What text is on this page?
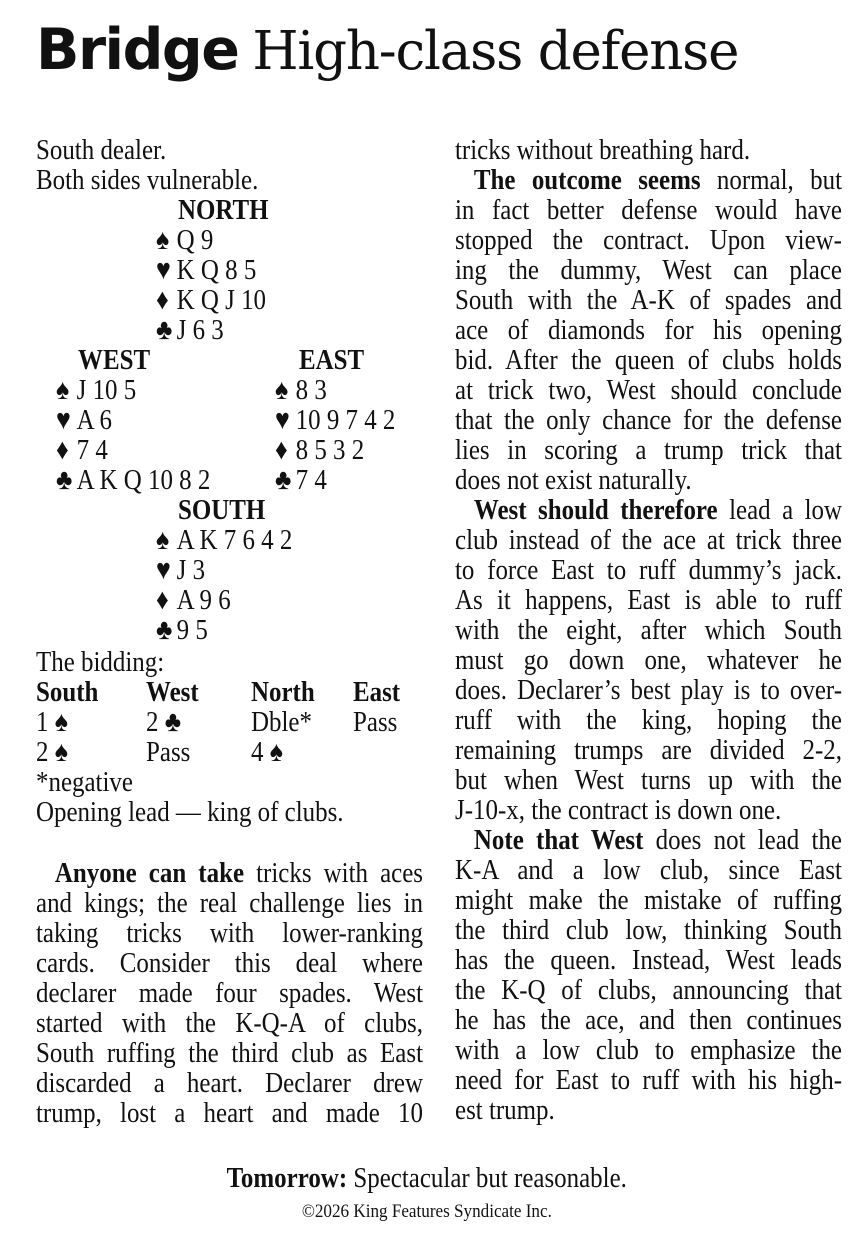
Bridge High-class defense
South dealer.
Both sides vulnerable.
NORTH
♠ Q 9
♥ K Q 8 5
♦ K Q J 10
♣ J 6 3
WEST	EAST
♠ J 10 5
♥ A 6
♦ 7 4
♣ A K Q 10 8 2
♠ 8 3
♥ 10 9 7 4 2
♦ 8 5 3 2
♣ 7 4
SOUTH
♠ A K 7 6 4 2
♥ J 3
♦ A 9 6
♣ 9 5
The bidding:
South West North East
1 ♠	2 ♣ Dble* Pass
2 ♠	Pass 4 ♠
*negative
Opening lead — king of clubs.
Anyone can take tricks with aces
and kings; the real challenge lies in
taking tricks with lower-ranking
cards. Consider this deal where
declarer made four spades. West
started with the K-Q-A of clubs,
South ruffing the third club as East
discarded a heart. Declarer drew
trump, lost a heart and made 10
tricks without breathing hard.
The outcome seems normal, but
in fact better defense would have
stopped the contract. Upon view-
ing the dummy, West can place
South with the A-K of spades and
ace of diamonds for his opening
bid. After the queen of clubs holds
at trick two, West should conclude
that the only chance for the defense
lies in scoring a trump trick that
does not exist naturally.
West should therefore lead a low
club instead of the ace at trick three
to force East to ruff dummy’s jack.
As it happens, East is able to ruff
with the eight, after which South
must go down one, whatever he
does. Declarer’s best play is to over-
ruff with the king, hoping the
remaining trumps are divided 2-2,
but when West turns up with the
J-10-x, the contract is down one.
Note that West does not lead the
K-A and a low club, since East
might make the mistake of ruffing
the third club low, thinking South
has the queen. Instead, West leads
the K-Q of clubs, announcing that
he has the ace, and then continues
with a low club to emphasize the
need for East to ruff with his high-
est trump.
Tomorrow: Spectacular but reasonable.
©2026 King Features Syndicate Inc.
